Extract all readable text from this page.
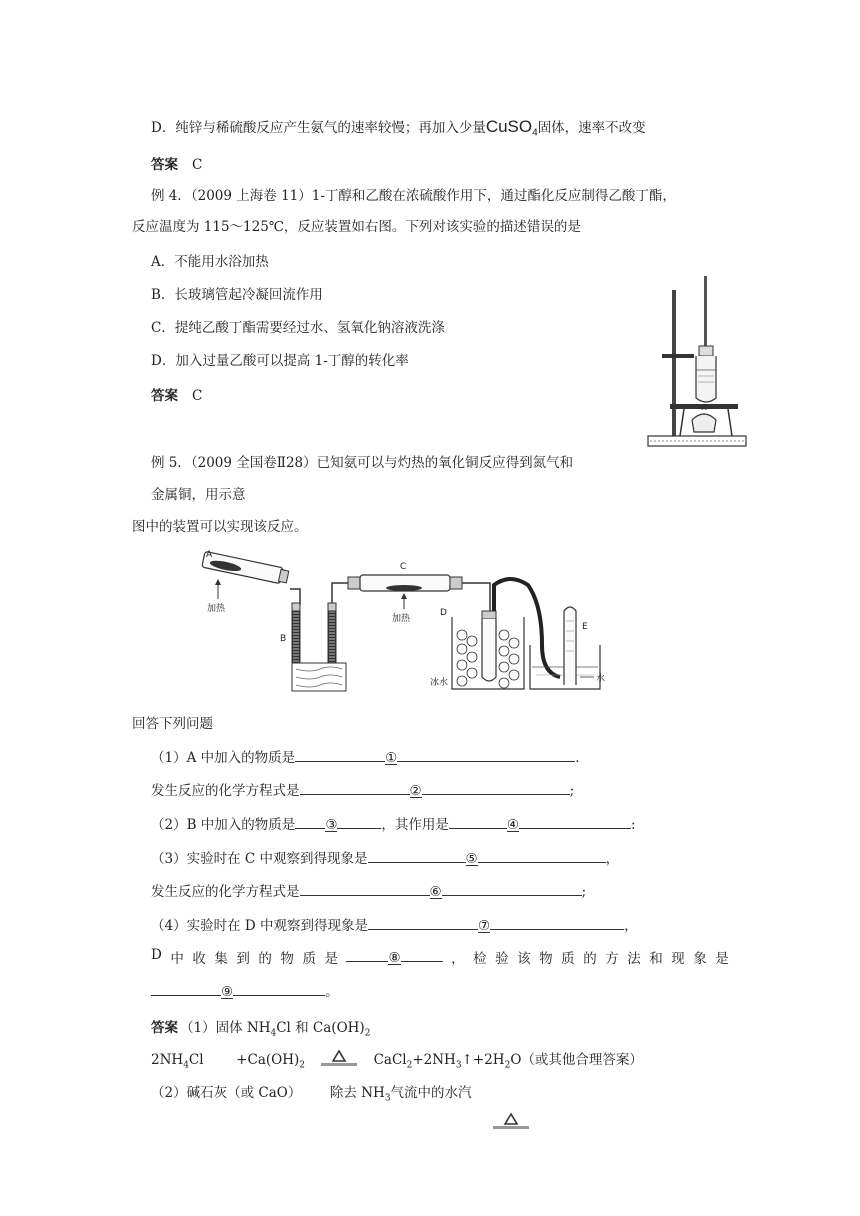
D．纯锌与稀硫酸反应产生氨气的速率较慢；再加入少量CuSO$_4$固体，速率不改变
答案 C
例 4．（2009 上海卷 11）1-丁醇和乙酸在浓硫酸作用下，通过酯化反应制得乙酸丁酯，
反应温度为 115～125℃，反应装置如右图。下列对该实验的描述错误的是
A．不能用水浴加热
B．长玻璃管起冷凝回流作用
C．提纯乙酸丁酯需要经过水、氢氧化钠溶液洗涤
D．加入过量乙酸可以提高 1-丁醇的转化率
答案 C
例 5．（2009 全国卷Ⅱ28）已知氨可以与灼热的氧化铜反应得到氮气和
金属铜，用示意
图中的装置可以实现该反应。
A
加热
B
C
加热
D
冰水
E
水
回答下列问题
（1）A 中加入的物质是	①	.
发生反应的化学方程式是	②	;
（2）B 中加入的物质是 ③	，其作用是	④	:
（3）实验时在 C 中观察到得现象是	⑤	，
发生反应的化学方程式是	⑥	;
（4）实验时在 D 中观察到得现象是	⑦	，
D 中 收 集 到 的 物 质 是	⑧	， 检 验 该 物 质 的 方 法 和 现 象 是
⑨	。
答案 （1）固体 $NH_4Cl$ 和 $Ca(OH)_2$
$2NH_4Cl +Ca(OH)_2$	$CaCl_2+2NH_3↑+2H_2O$（或其他合理答案）
（2）碱石灰（或 CaO） 除去 $NH_3$气流中的水汽
